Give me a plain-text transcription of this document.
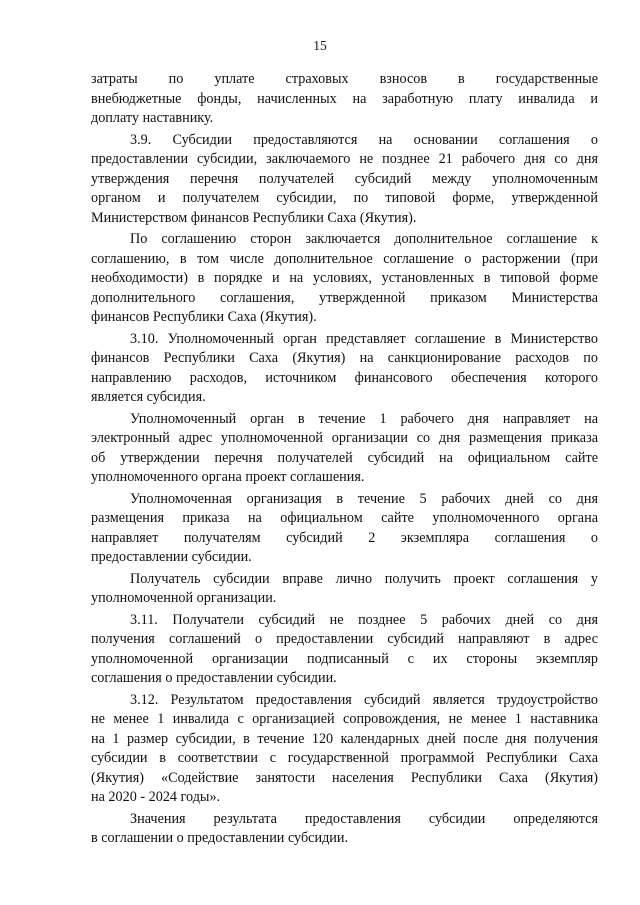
15
затраты по уплате страховых взносов в государственные
внебюджетные фонды, начисленных на заработную плату инвалида и
доплату наставнику.
3.9. Субсидии предоставляются на основании соглашения о
предоставлении субсидии, заключаемого не позднее 21 рабочего дня со дня
утверждения перечня получателей субсидий между уполномоченным
органом и получателем субсидии, по типовой форме, утвержденной
Министерством финансов Республики Саха (Якутия).
По соглашению сторон заключается дополнительное соглашение к
соглашению, в том числе дополнительное соглашение о расторжении (при
необходимости) в порядке и на условиях, установленных в типовой форме
дополнительного соглашения, утвержденной приказом Министерства
финансов Республики Саха (Якутия).
3.10. Уполномоченный орган представляет соглашение в Министерство
финансов Республики Саха (Якутия) на санкционирование расходов по
направлению расходов, источником финансового обеспечения которого
является субсидия.
Уполномоченный орган в течение 1 рабочего дня направляет на
электронный адрес уполномоченной организации со дня размещения приказа
об утверждении перечня получателей субсидий на официальном сайте
уполномоченного органа проект соглашения.
Уполномоченная организация в течение 5 рабочих дней со дня
размещения приказа на официальном сайте уполномоченного органа
направляет получателям субсидий 2 экземпляра соглашения о
предоставлении субсидии.
Получатель субсидии вправе лично получить проект соглашения у
уполномоченной организации.
3.11. Получатели субсидий не позднее 5 рабочих дней со дня
получения соглашений о предоставлении субсидий направляют в адрес
уполномоченной организации подписанный с их стороны экземпляр
соглашения о предоставлении субсидии.
3.12. Результатом предоставления субсидий является трудоустройство
не менее 1 инвалида с организацией сопровождения, не менее 1 наставника
на 1 размер субсидии, в течение 120 календарных дней после дня получения
субсидии в соответствии с государственной программой Республики Саха
(Якутия) «Содействие занятости населения Республики Саха (Якутия)
на 2020 - 2024 годы».
Значения результата предоставления субсидии определяются
в соглашении о предоставлении субсидии.
